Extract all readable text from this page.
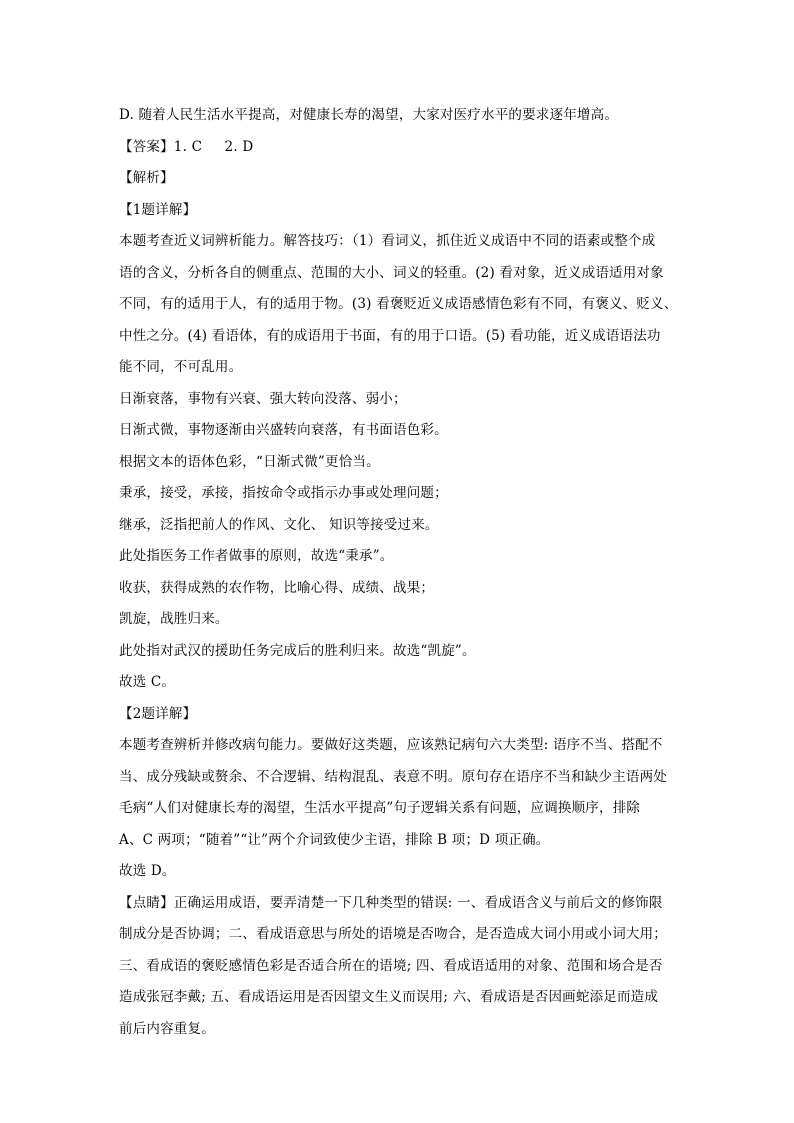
D. 随着人民生活水平提高，对健康长寿的渴望，大家对医疗水平的要求逐年增高。
【答案】1. C     2. D
【解析】
【1题详解】
本题考查近义词辨析能力。解答技巧：（1）看词义，抓住近义成语中不同的语素或整个成
语的含义，分析各自的侧重点、范围的大小、词义的轻重。(2) 看对象，近义成语适用对象
不同，有的适用于人，有的适用于物。(3) 看褒贬近义成语感情色彩有不同，有褒义、贬义、
中性之分。(4) 看语体，有的成语用于书面，有的用于口语。(5) 看功能，近义成语语法功
能不同，不可乱用。
日渐衰落，事物有兴衰、强大转向没落、弱小；
日渐式微，事物逐渐由兴盛转向衰落，有书面语色彩。
根据文本的语体色彩，“日渐式微”更恰当。
秉承，接受，承接，指按命令或指示办事或处理问题；
继承，泛指把前人的作风、文化、 知识等接受过来。
此处指医务工作者做事的原则，故选“秉承”。
收获，获得成熟的农作物，比喻心得、成绩、战果；
凯旋，战胜归来。
此处指对武汉的援助任务完成后的胜利归来。故选“凯旋”。
故选 C。
【2题详解】
本题考查辨析并修改病句能力。要做好这类题，应该熟记病句六大类型: 语序不当、搭配不
当、成分残缺或赘余、不合逻辑、结构混乱、表意不明。原句存在语序不当和缺少主语两处
毛病“人们对健康长寿的渴望，生活水平提高”句子逻辑关系有问题，应调换顺序，排除
A、C 两项；“随着”“让”两个介词致使少主语，排除 B 项；D 项正确。
故选 D。
【点睛】正确运用成语，要弄清楚一下几种类型的错误: 一、看成语含义与前后文的修饰限
制成分是否协调；二、看成语意思与所处的语境是否吻合，是否造成大词小用或小词大用；
三、看成语的褒贬感情色彩是否适合所在的语境; 四、看成语适用的对象、范围和场合是否
造成张冠李戴; 五、看成语运用是否因望文生义而误用; 六、看成语是否因画蛇添足而造成
前后内容重复。
